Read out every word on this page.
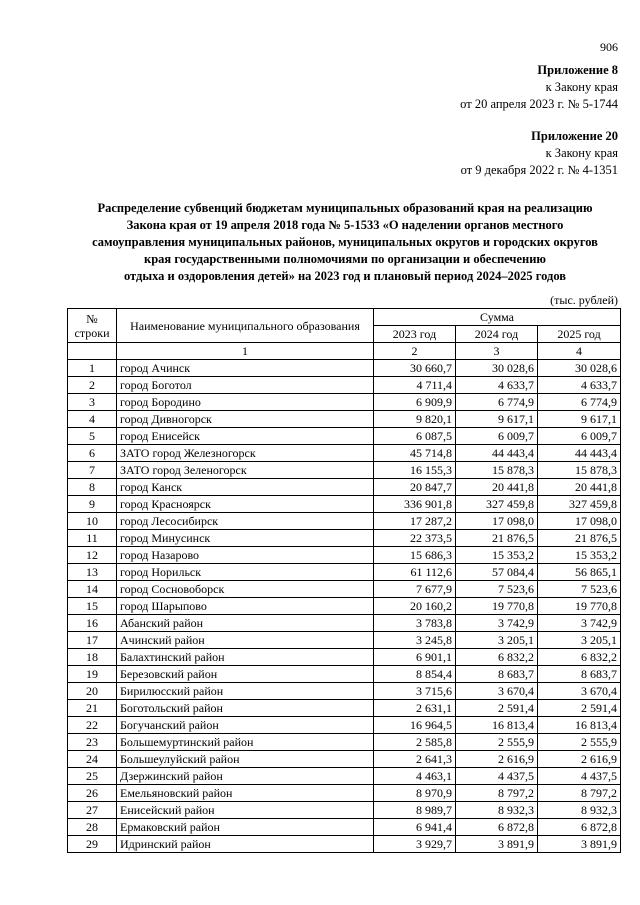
906
Приложение 8
к Закону края
от 20 апреля 2023 г. № 5-1744
Приложение 20
к Закону края
от 9 декабря 2022 г. № 4-1351
Распределение субвенций бюджетам муниципальных образований края на реализацию
Закона края от 19 апреля 2018 года № 5-1533 «О наделении органов местного
самоуправления муниципальных районов, муниципальных округов и городских округов
края государственными полномочиями по организации и обеспечению
отдыха и оздоровления детей» на 2023 год и плановый период 2024–2025 годов
(тыс. рублей)
№ строки	Наименование муниципального образования	Сумма		
		2023 год	2024 год	2025 год
	1	2	3	4
1	город Ачинск	30 660,7	30 028,6	30 028,6
2	город Боготол	4 711,4	4 633,7	4 633,7
3	город Бородино	6 909,9	6 774,9	6 774,9
4	город Дивногорск	9 820,1	9 617,1	9 617,1
5	город Енисейск	6 087,5	6 009,7	6 009,7
6	ЗАТО город Железногорск	45 714,8	44 443,4	44 443,4
7	ЗАТО город Зеленогорск	16 155,3	15 878,3	15 878,3
8	город Канск	20 847,7	20 441,8	20 441,8
9	город Красноярск	336 901,8	327 459,8	327 459,8
10	город Лесосибирск	17 287,2	17 098,0	17 098,0
11	город Минусинск	22 373,5	21 876,5	21 876,5
12	город Назарово	15 686,3	15 353,2	15 353,2
13	город Норильск	61 112,6	57 084,4	56 865,1
14	город Сосновоборск	7 677,9	7 523,6	7 523,6
15	город Шарыпово	20 160,2	19 770,8	19 770,8
16	Абанский район	3 783,8	3 742,9	3 742,9
17	Ачинский район	3 245,8	3 205,1	3 205,1
18	Балахтинский район	6 901,1	6 832,2	6 832,2
19	Березовский район	8 854,4	8 683,7	8 683,7
20	Бирилюсский район	3 715,6	3 670,4	3 670,4
21	Боготольский район	2 631,1	2 591,4	2 591,4
22	Богучанский район	16 964,5	16 813,4	16 813,4
23	Большемуртинский район	2 585,8	2 555,9	2 555,9
24	Большеулуйский район	2 641,3	2 616,9	2 616,9
25	Дзержинский район	4 463,1	4 437,5	4 437,5
26	Емельяновский район	8 970,9	8 797,2	8 797,2
27	Енисейский район	8 989,7	8 932,3	8 932,3
28	Ермаковский район	6 941,4	6 872,8	6 872,8
29	Идринский район	3 929,7	3 891,9	3 891,9
